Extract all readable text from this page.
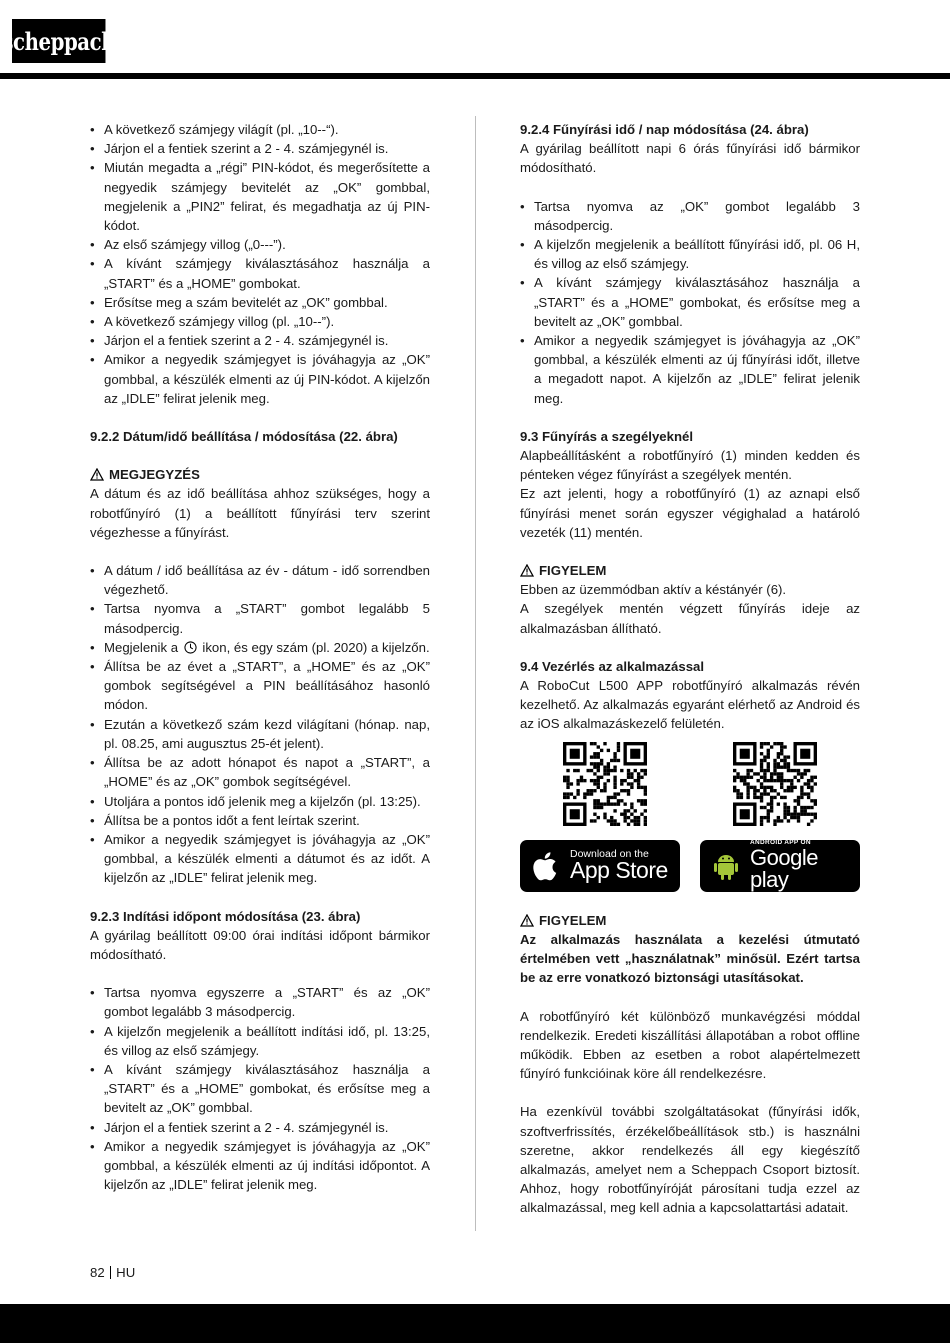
scheppach
• A következő számjegy világít (pl. „10--“).
• Járjon el a fentiek szerint a 2 - 4. számjegynél is.
• Miután megadta a „régi” PIN-kódot, és megerősítette a negyedik számjegy bevitelét az „OK” gombbal, megjelenik a „PIN2” felirat, és megadhatja az új PIN-kódot.
• Az első számjegy villog („0---”).
• A kívánt számjegy kiválasztásához használja a „START” és a „HOME” gombokat.
• Erősítse meg a szám bevitelét az „OK” gombbal.
• A következő számjegy villog (pl. „10--”).
• Járjon el a fentiek szerint a 2 - 4. számjegynél is.
• Amikor a negyedik számjegyet is jóváhagyja az „OK” gombbal, a készülék elmenti az új PIN-kódot. A kijelzőn az „IDLE” felirat jelenik meg.

9.2.2 Dátum/idő beállítása / módosítása (22. ábra)

MEGJEGYZÉS

A dátum és az idő beállítása ahhoz szükséges, hogy a robotfűnyíró (1) a beállított fűnyírási terv szerint végezhesse a fűnyírást.

• A dátum / idő beállítása az év - dátum - idő sorrendben végezhető.
• Tartsa nyomva a „START” gombot legalább 5 másodpercig.
• Megjelenik a ikon, és egy szám (pl. 2020) a kijelzőn.
• Állítsa be az évet a „START”, a „HOME” és az „OK” gombok segítségével a PIN beállításához hasonló módon.
• Ezután a következő szám kezd világítani (hónap. nap, pl. 08.25, ami augusztus 25-ét jelent).
• Állítsa be az adott hónapot és napot a „START”, a „HOME” és az „OK” gombok segítségével.
• Utoljára a pontos idő jelenik meg a kijelzőn (pl. 13:25).
• Állítsa be a pontos időt a fent leírtak szerint.
• Amikor a negyedik számjegyet is jóváhagyja az „OK” gombbal, a készülék elmenti a dátumot és az időt. A kijelzőn az „IDLE” felirat jelenik meg.

9.2.3 Indítási időpont módosítása (23. ábra)

A gyárilag beállított 09:00 órai indítási időpont bármikor módosítható.

• Tartsa nyomva egyszerre a „START” és az „OK” gombot legalább 3 másodpercig.
• A kijelzőn megjelenik a beállított indítási idő, pl. 13:25, és villog az első számjegy.
• A kívánt számjegy kiválasztásához használja a „START” és a „HOME” gombokat, és erősítse meg a bevitelt az „OK” gombbal.
• Járjon el a fentiek szerint a 2 - 4. számjegynél is.
• Amikor a negyedik számjegyet is jóváhagyja az „OK” gombbal, a készülék elmenti az új indítási időpontot. A kijelzőn az „IDLE” felirat jelenik meg.

9.2.4 Fűnyírási idő / nap módosítása (24. ábra)

A gyárilag beállított napi 6 órás fűnyírási idő bármikor módosítható.

• Tartsa nyomva az „OK” gombot legalább 3 másodpercig.
• A kijelzőn megjelenik a beállított fűnyírási idő, pl. 06 H, és villog az első számjegy.
• A kívánt számjegy kiválasztásához használja a „START” és a „HOME” gombokat, és erősítse meg a bevitelt az „OK” gombbal.
• Amikor a negyedik számjegyet is jóváhagyja az „OK” gombbal, a készülék elmenti az új fűnyírási időt, illetve a megadott napot. A kijelzőn az „IDLE” felirat jelenik meg.

9.3 Fűnyírás a szegélyeknél

Alapbeállításként a robotfűnyíró (1) minden kedden és pénteken végez fűnyírást a szegélyek mentén.

Ez azt jelenti, hogy a robotfűnyíró (1) az aznapi első fűnyírási menet során egyszer végighalad a határoló vezeték (11) mentén.

FIGYELEM

Ebben az üzemmódban aktív a késtányér (6).

A szegélyek mentén végzett fűnyírás ideje az alkalmazásban állítható.

9.4 Vezérlés az alkalmazással

A RoboCut L500 APP robotfűnyíró alkalmazás révén kezelhető. Az alkalmazás egyaránt elérhető az Android és az iOS alkalmazáskezelő felületén.

Download on the
App Store
ANDROID APP ON
Google play
FIGYELEM

Az alkalmazás használata a kezelési útmutató értelmében vett „használatnak” minősül. Ezért tartsa be az erre vonatkozó biztonsági utasításokat.

A robotfűnyíró két különböző munkavégzési móddal rendelkezik. Eredeti kiszállítási állapotában a robot offline működik. Ebben az esetben a robot alapértelmezett fűnyíró funkcióinak köre áll rendelkezésre.

Ha ezenkívül további szolgáltatásokat (fűnyírási idők, szoftverfrissítés, érzékelőbeállítások stb.) is használni szeretne, akkor rendelkezés áll egy kiegészítő alkalmazás, amelyet nem a Scheppach Csoport biztosít. Ahhoz, hogy robotfűnyíróját párosítani tudja ezzel az alkalmazással, meg kell adnia a kapcsolattartási adatait.

82 HU
